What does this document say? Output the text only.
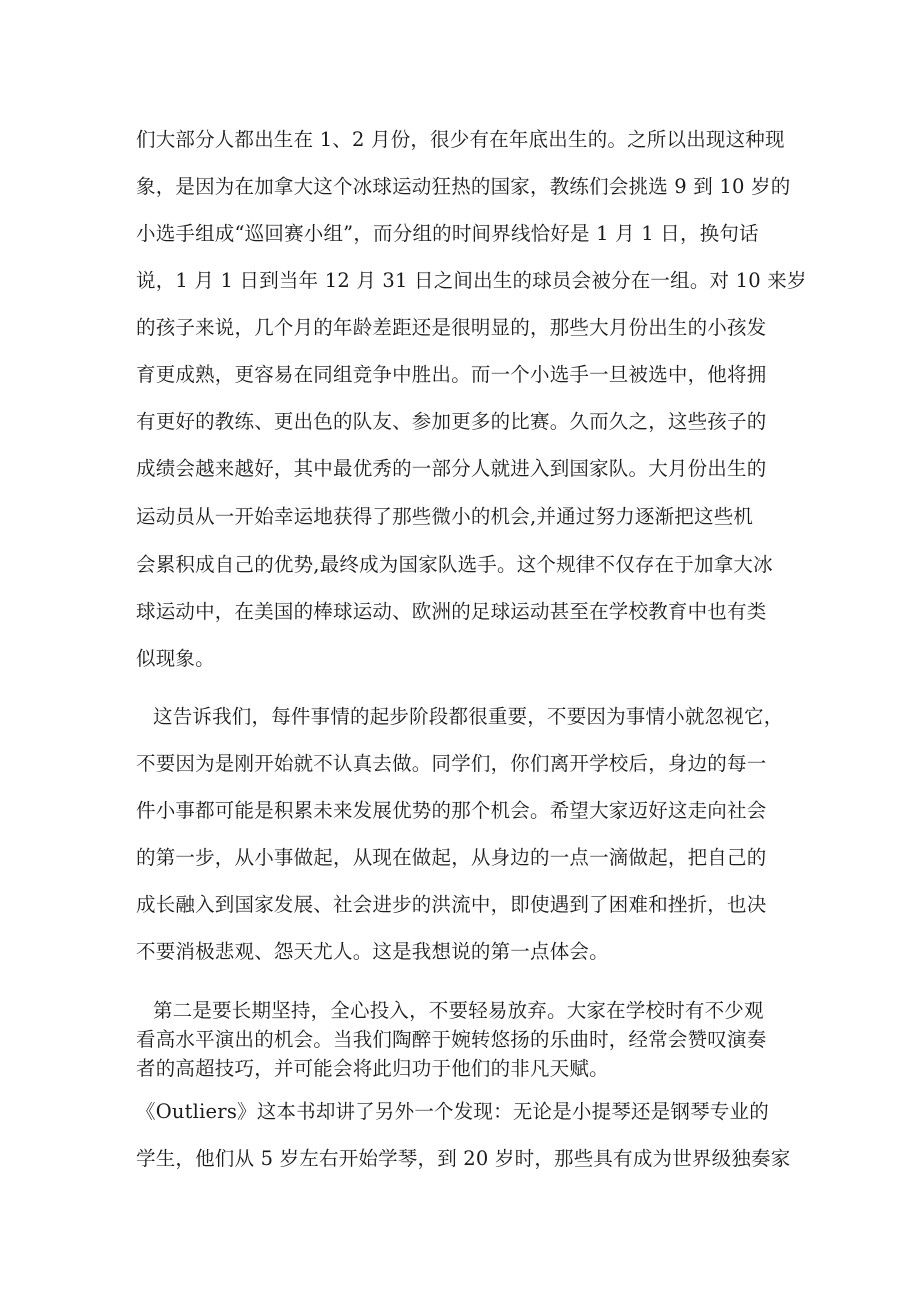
们大部分人都出生在 1、2 月份，很少有在年底出生的。之所以出现这种现
象，是因为在加拿大这个冰球运动狂热的国家，教练们会挑选 9 到 10 岁的
小选手组成“巡回赛小组”，而分组的时间界线恰好是 1 月 1 日，换句话
说，1 月 1 日到当年 12 月 31 日之间出生的球员会被分在一组。对 10 来岁
的孩子来说，几个月的年龄差距还是很明显的，那些大月份出生的小孩发
育更成熟，更容易在同组竞争中胜出。而一个小选手一旦被选中，他将拥
有更好的教练、更出色的队友、参加更多的比赛。久而久之，这些孩子的
成绩会越来越好，其中最优秀的一部分人就进入到国家队。大月份出生的
运动员从一开始幸运地获得了那些微小的机会,并通过努力逐渐把这些机
会累积成自己的优势,最终成为国家队选手。这个规律不仅存在于加拿大冰
球运动中，在美国的棒球运动、欧洲的足球运动甚至在学校教育中也有类
似现象。
这告诉我们，每件事情的起步阶段都很重要，不要因为事情小就忽视它，
不要因为是刚开始就不认真去做。同学们，你们离开学校后，身边的每一
件小事都可能是积累未来发展优势的那个机会。希望大家迈好这走向社会
的第一步，从小事做起，从现在做起，从身边的一点一滴做起，把自己的
成长融入到国家发展、社会进步的洪流中，即使遇到了困难和挫折，也决
不要消极悲观、怨天尤人。这是我想说的第一点体会。
第二是要长期坚持，全心投入，不要轻易放弃。大家在学校时有不少观
看高水平演出的机会。当我们陶醉于婉转悠扬的乐曲时，经常会赞叹演奏
者的高超技巧，并可能会将此归功于他们的非凡天赋。
《Outliers》这本书却讲了另外一个发现：无论是小提琴还是钢琴专业的
学生，他们从 5 岁左右开始学琴，到 20 岁时，那些具有成为世界级独奏家
